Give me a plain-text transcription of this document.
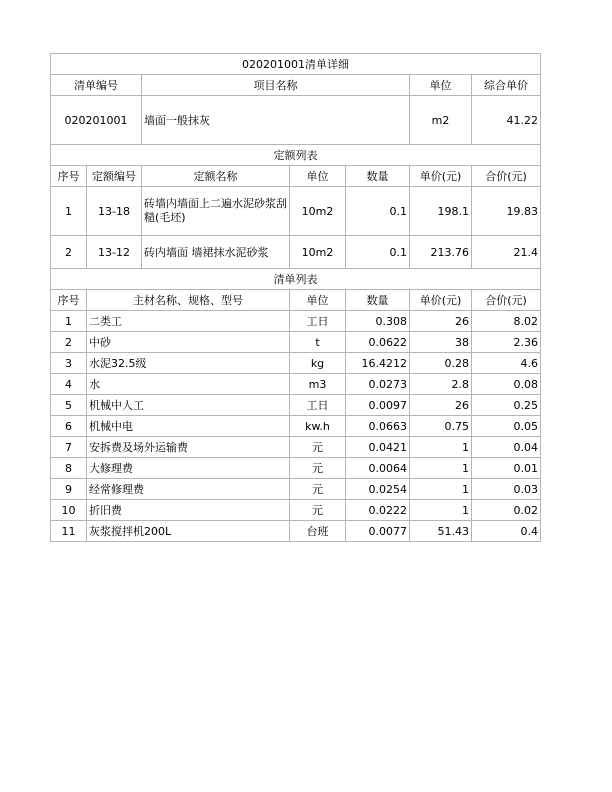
020201001清单详细						
清单编号		项目名称			单位	综合单价
020201001		墙面一般抹灰			m2	41.22
定额列表						
序号	定额编号	定额名称	单位	数量	单价(元)	合价(元)
1	13-18	砖墙内墙面上二遍水泥砂浆刮糙(毛坯)	10m2	0.1	198.1	19.83
2	13-12	砖内墙面 墙裙抹水泥砂浆	10m2	0.1	213.76	21.4
清单列表						
序号	主材名称、规格、型号		单位	数量	单价(元)	合价(元)
1	二类工		工日	0.308	26	8.02
2	中砂		t	0.0622	38	2.36
3	水泥32.5级		kg	16.4212	0.28	4.6
4	水		m3	0.0273	2.8	0.08
5	机械中人工		工日	0.0097	26	0.25
6	机械中电		kw.h	0.0663	0.75	0.05
7	安拆费及场外运输费		元	0.0421	1	0.04
8	大修理费		元	0.0064	1	0.01
9	经常修理费		元	0.0254	1	0.03
10	折旧费		元	0.0222	1	0.02
11	灰浆搅拌机200L		台班	0.0077	51.43	0.4
